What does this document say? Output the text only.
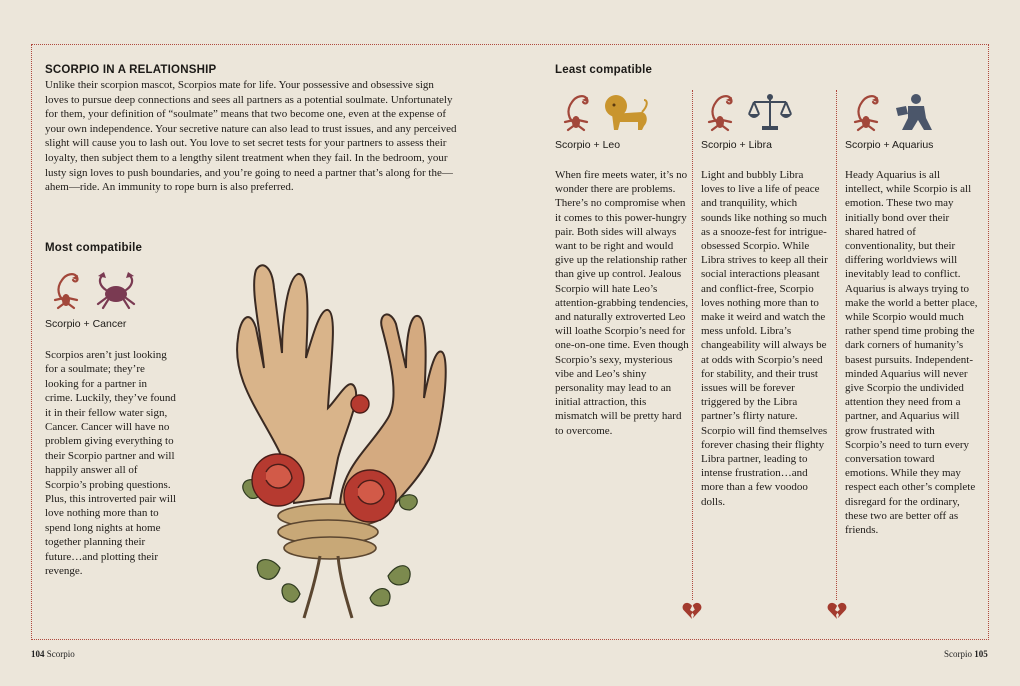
SCORPIO IN A RELATIONSHIP
Unlike their scorpion mascot, Scorpios mate for life. Your possessive and obsessive sign loves to pursue deep connections and sees all partners as a potential soulmate. Unfortunately for them, your definition of “soulmate” means that two become one, even at the expense of your own independence. Your secretive nature can also lead to trust issues, and any perceived slight will cause you to lash out. You love to set secret tests for your partners to assess their loyalty, then subject them to a lengthy silent treatment when they fail. In the bedroom, your lusty sign loves to push boundaries, and you’re going to need a partner that’s along for the—ahem—ride. An immunity to rope burn is also preferred.
Most compatibile
Scorpio + Cancer
Scorpios aren’t just looking for a soulmate; they’re looking for a partner in crime. Luckily, they’ve found it in their fellow water sign, Cancer. Cancer will have no problem giving everything to their Scorpio partner and will happily answer all of Scorpio’s probing questions. Plus, this introverted pair will love nothing more than to spend long nights at home together planning their future…and plotting their revenge.
104 Scorpio
Least compatible
Scorpio + Leo
When fire meets water, it’s no wonder there are problems. There’s no compromise when it comes to this power-hungry pair. Both sides will always want to be right and would give up the relationship rather than give up control. Jealous Scorpio will hate Leo’s attention-grabbing tendencies, and naturally extroverted Leo will loathe Scorpio’s need for one-on-one time. Even though Scorpio’s sexy, mysterious vibe and Leo’s shiny personality may lead to an initial attraction, this mismatch will be pretty hard to overcome.
Scorpio + Libra
Light and bubbly Libra loves to live a life of peace and tranquility, which sounds like nothing so much as a snooze-fest for intrigue-obsessed Scorpio. While Libra strives to keep all their social interactions pleasant and conflict-free, Scorpio loves nothing more than to make it weird and watch the mess unfold. Libra’s changeability will always be at odds with Scorpio’s need for stability, and their trust issues will be forever triggered by the Libra partner’s flirty nature. Scorpio will find themselves forever chasing their flighty Libra partner, leading to intense frustration…and more than a few voodoo dolls.
Scorpio + Aquarius
Heady Aquarius is all intellect, while Scorpio is all emotion. These two may initially bond over their shared hatred of conventionality, but their differing worldviews will inevitably lead to conflict. Aquarius is always trying to make the world a better place, while Scorpio would much rather spend time probing the dark corners of humanity’s basest pursuits. Independent-minded Aquarius will never give Scorpio the undivided attention they need from a partner, and Aquarius will grow frustrated with Scorpio’s need to turn every conversation toward emotions. While they may respect each other’s complete disregard for the ordinary, these two are better off as friends.
Scorpio 105
